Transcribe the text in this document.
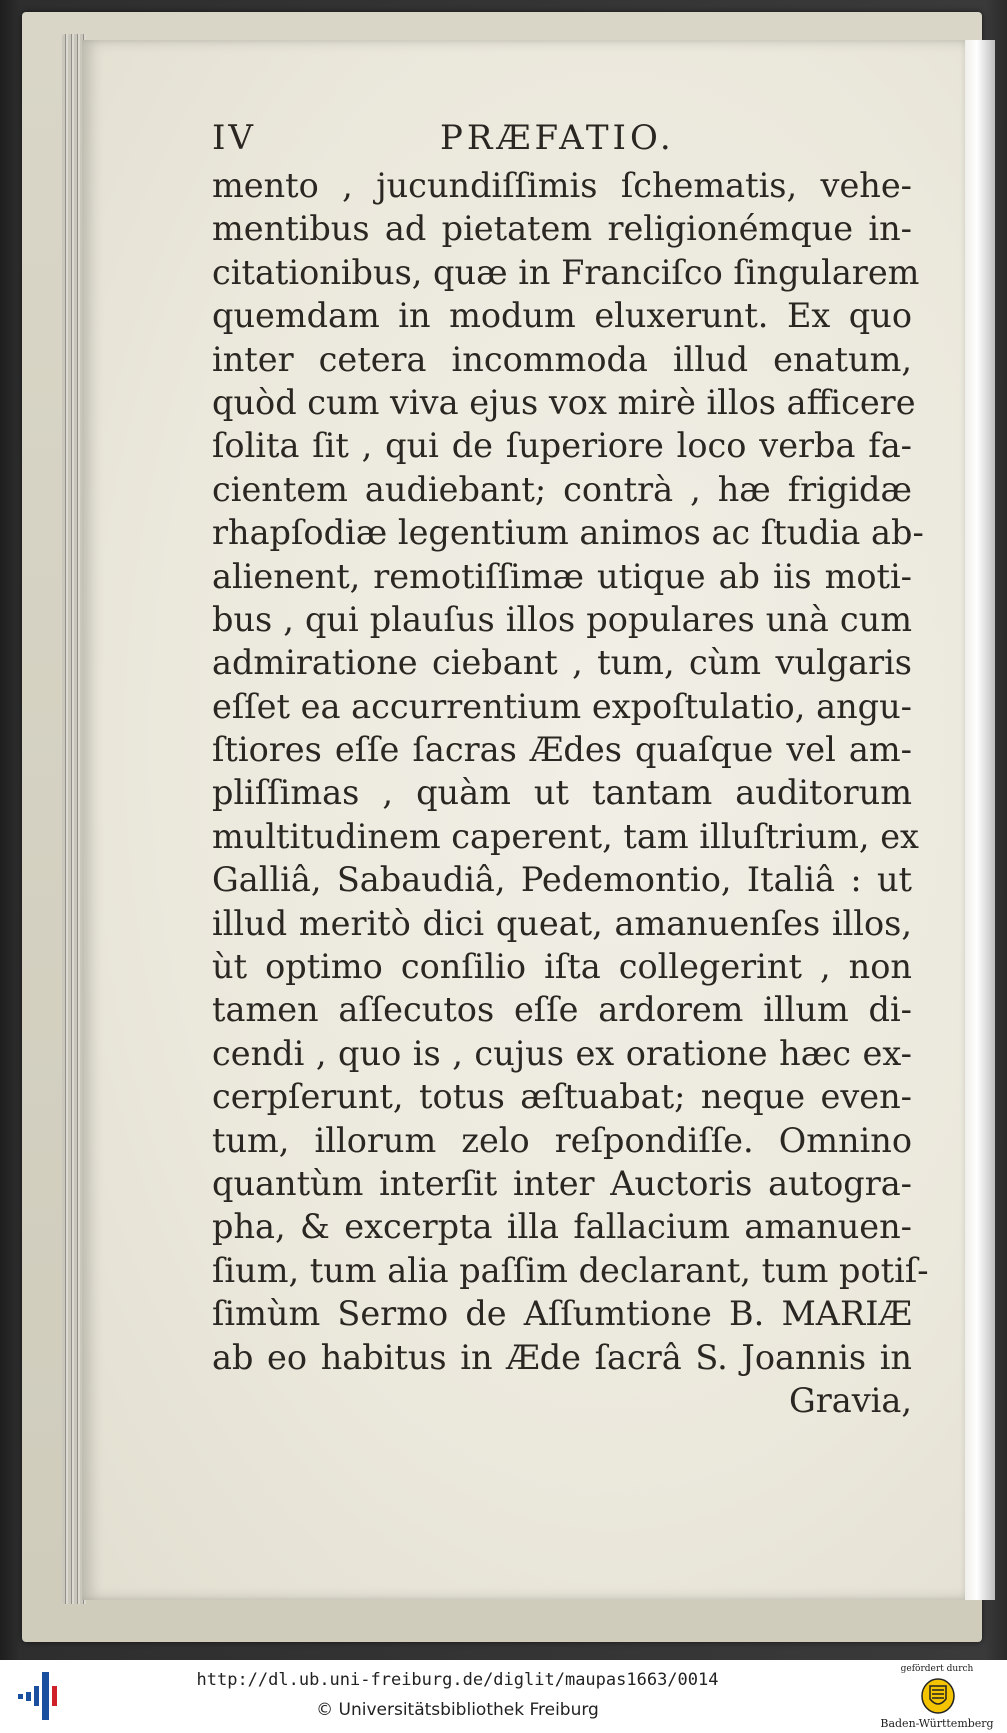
IV	PRÆFATIO.
mento , jucundiſſimis ſchematis, vehe-
mentibus ad pietatem religionémque in-
citationibus, quæ in Franciſco ſingularem
quemdam in modum eluxerunt. Ex quo
inter cetera incommoda illud enatum,
quòd cum viva ejus vox mirè illos afficere
ſolita ſit , qui de ſuperiore loco verba fa-
cientem audiebant; contrà , hæ frigidæ
rhapſodiæ legentium animos ac ſtudia ab-
alienent, remotiſſimæ utique ab iis moti-
bus , qui plauſus illos populares unà cum
admiratione ciebant , tum, cùm vulgaris
eſſet ea accurrentium expoſtulatio, angu-
ſtiores eſſe ſacras Ædes quaſque vel am-
pliſſimas , quàm ut tantam auditorum
multitudinem caperent, tam illuſtrium, ex
Galliâ, Sabaudiâ, Pedemontio, Italiâ : ut
illud meritò dici queat, amanuenſes illos,
ùt optimo conſilio iſta collegerint , non
tamen aſſecutos eſſe ardorem illum di-
cendi , quo is , cujus ex oratione hæc ex-
cerpſerunt, totus æſtuabat; neque even-
tum, illorum zelo reſpondiſſe. Omnino
quantùm interſit inter Auctoris autogra-
pha, & excerpta illa fallacium amanuen-
ſium, tum alia paſſim declarant, tum potiſ-
ſimùm Sermo de Aſſumtione B. MARIÆ
ab eo habitus in Æde ſacrâ S. Joannis in
Gravia,
http://dl.ub.uni-freiburg.de/diglit/maupas1663/0014
© Universitätsbibliothek Freiburg
gefördert durch
Baden-Württemberg
